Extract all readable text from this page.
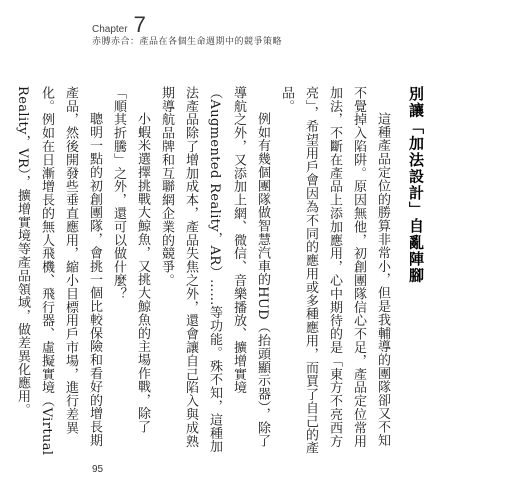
Chapter 7
赤膊赤合：產品在各個生命週期中的競爭策略
別讓「加法設計」自亂陣腳
這種產品定位的勝算非常小，但是我輔導的團隊卻又不知不覺掉入陷阱。原因無他，初創團隊信心不足，產品定位常用加法，不斷在產品上添加應用，心中期待的是「東方不亮西方亮」，希望用戶會因為不同的應用或多種應用，而買了自己的產品。
例如有幾個團隊做智慧汽車的HUD（抬頭顯示器），除了導航之外，又添加上網、微信、音樂播放、擴增實境（Augmented Reality，AR）……等功能。殊不知，這種加法產品除了增加成本，產品失焦之外，還會讓自己陷入與成熟期導航品牌和互聯網企業的競爭。
小蝦米選擇挑戰大鯨魚，又挑大鯨魚的主場作戰，除了「順其折騰」之外，還可以做什麼？
聰明一點的初創團隊，會挑一個比較保險和看好的增長期產品，然後開發些垂直應用，縮小目標用戶市場，進行差異化。例如在日漸增長的無人飛機、飛行器、虛擬實境（Virtual Reality，VR），擴增實境等產品領域，做差異化應用。
95
